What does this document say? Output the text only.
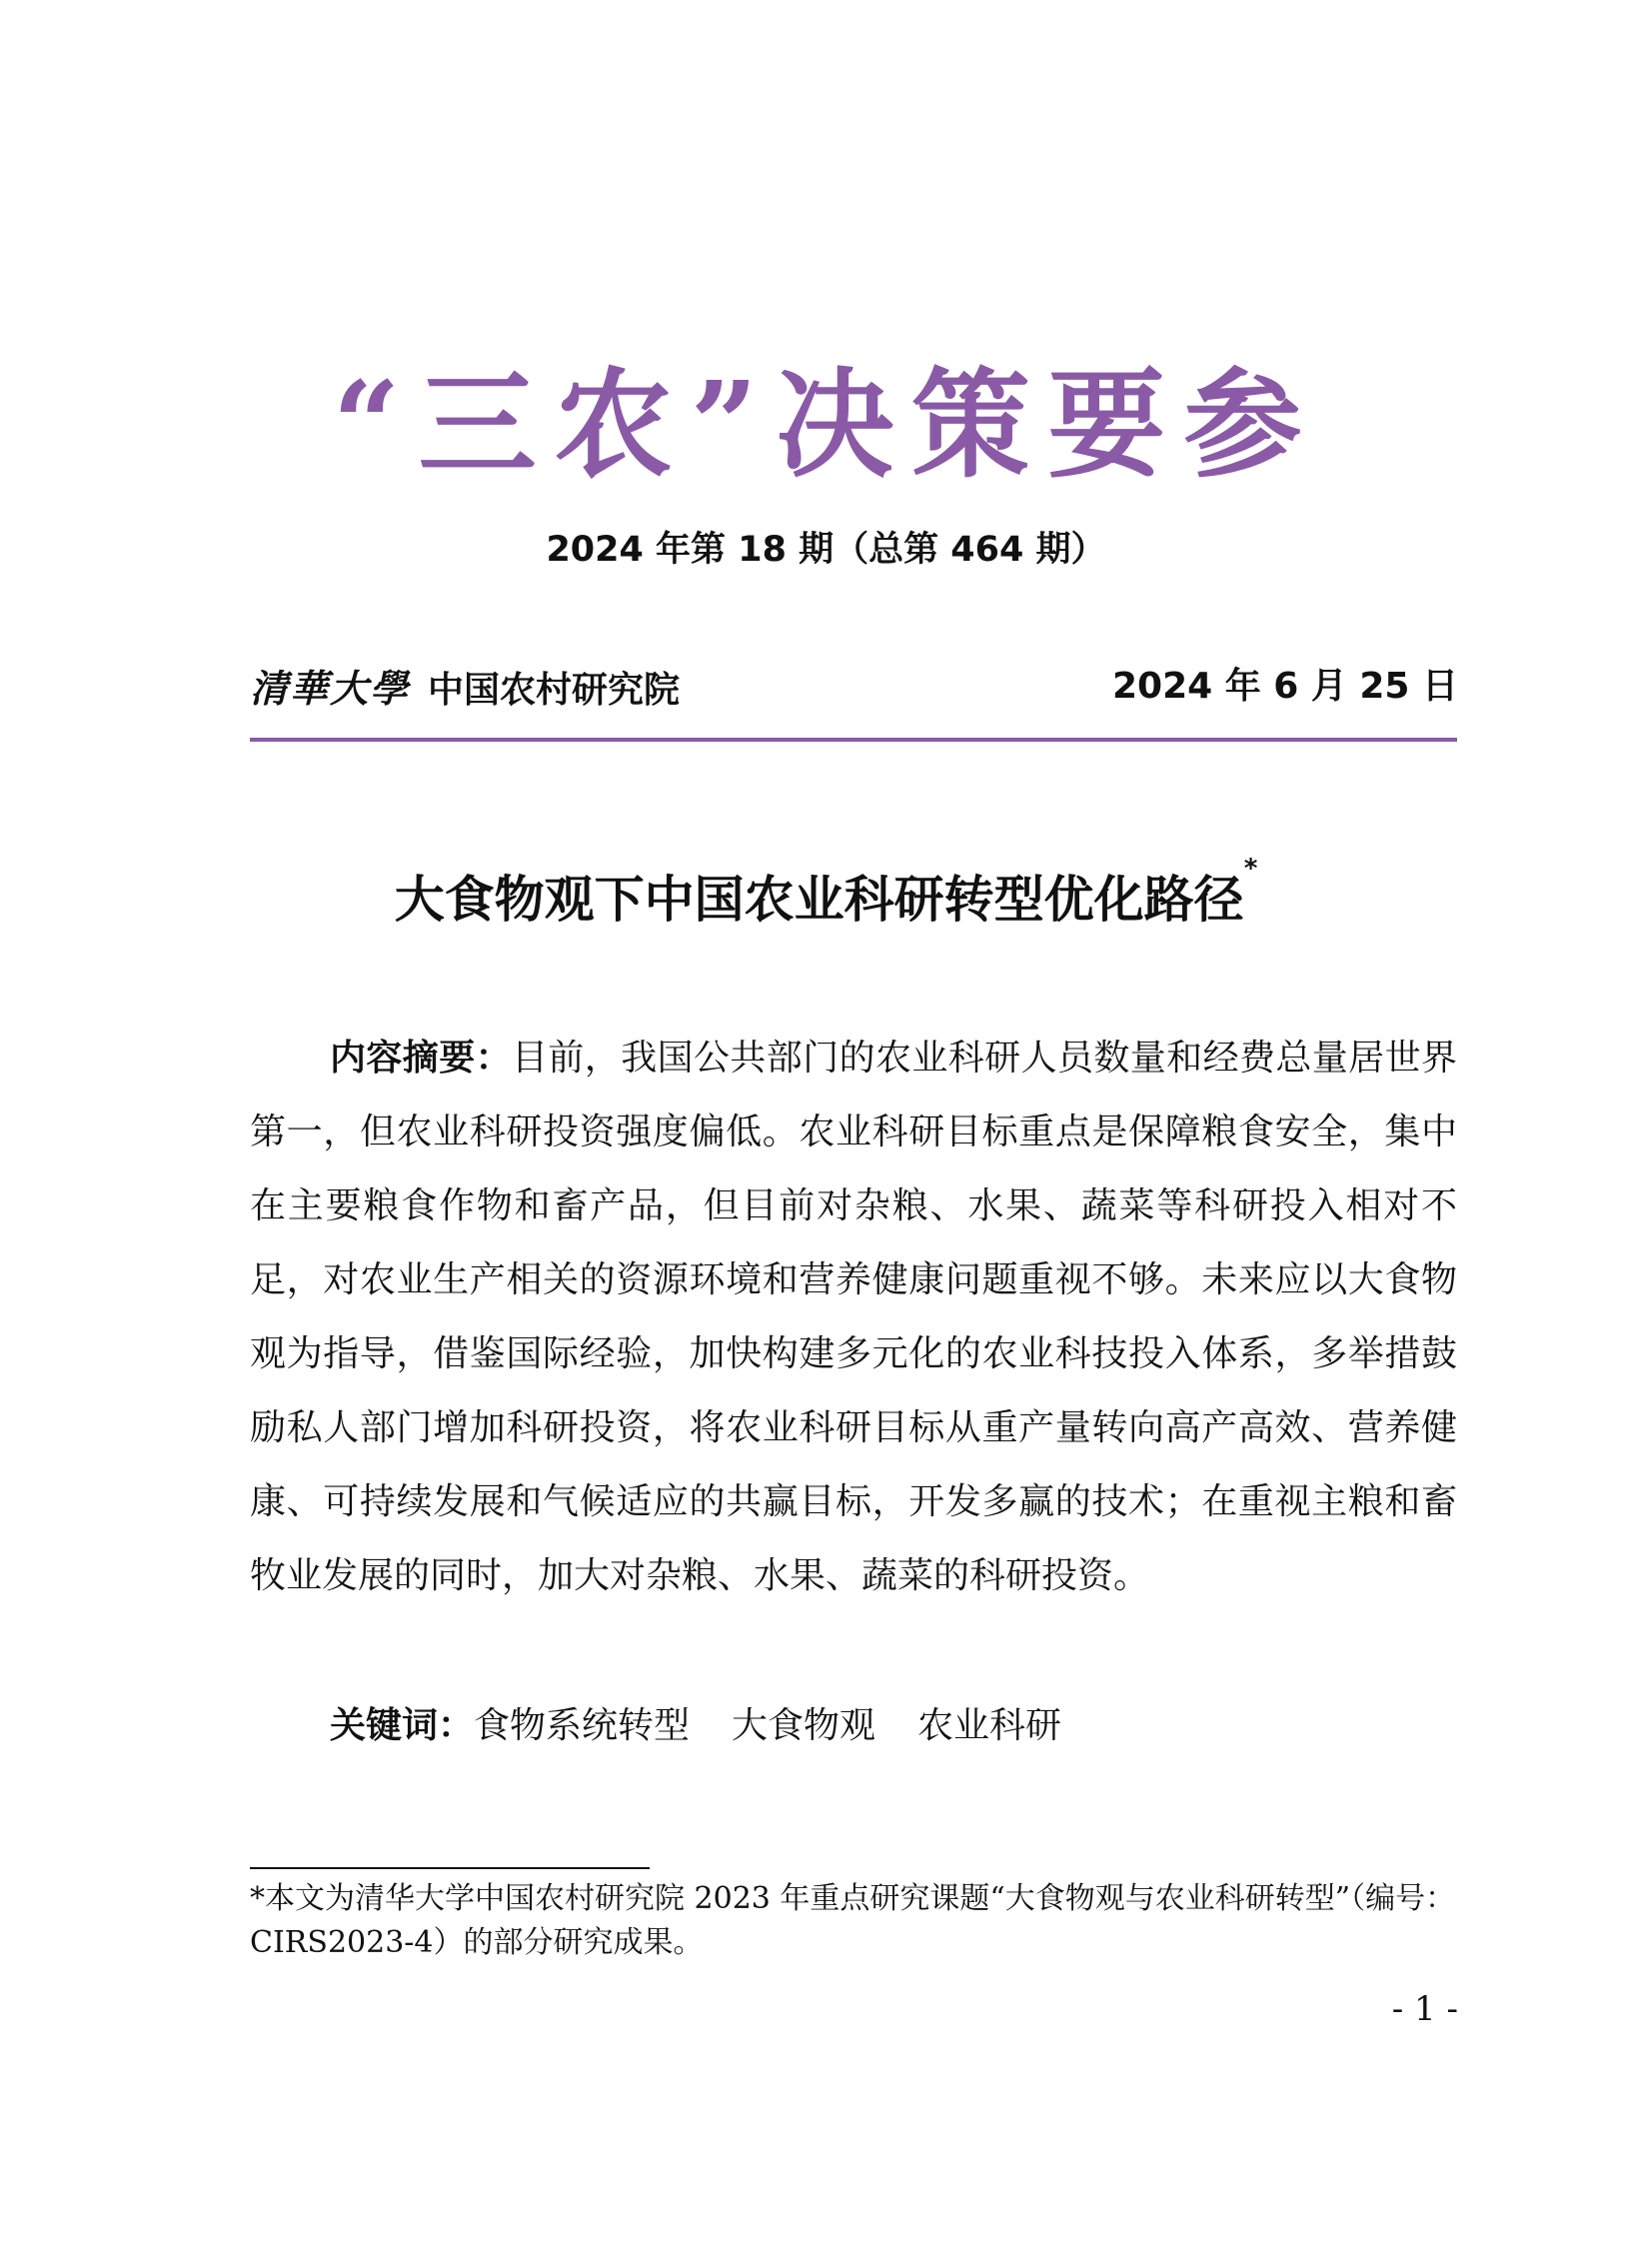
“三农”决策要参
2024 年第 18 期（总第 464 期）
清華大學 中国农村研究院	2024 年 6 月 25 日
大食物观下中国农业科研转型优化路径*

内容摘要：目前，我国公共部门的农业科研人员数量和经费总量居世界第一，但农业科研投资强度偏低。农业科研目标重点是保障粮食安全，集中在主要粮食作物和畜产品，但目前对杂粮、水果、蔬菜等科研投入相对不足，对农业生产相关的资源环境和营养健康问题重视不够。未来应以大食物观为指导，借鉴国际经验，加快构建多元化的农业科技投入体系，多举措鼓励私人部门增加科研投资，将农业科研目标从重产量转向高产高效、营养健康、可持续发展和气候适应的共赢目标，开发多赢的技术；在重视主粮和畜牧业发展的同时，加大对杂粮、水果、蔬菜的科研投资。

关键词：食物系统转型 大食物观 农业科研

*本文为清华大学中国农村研究院 2023 年重点研究课题“大食物观与农业科研转型”（编号：CIRS2023-4）的部分研究成果。

- 1 -
